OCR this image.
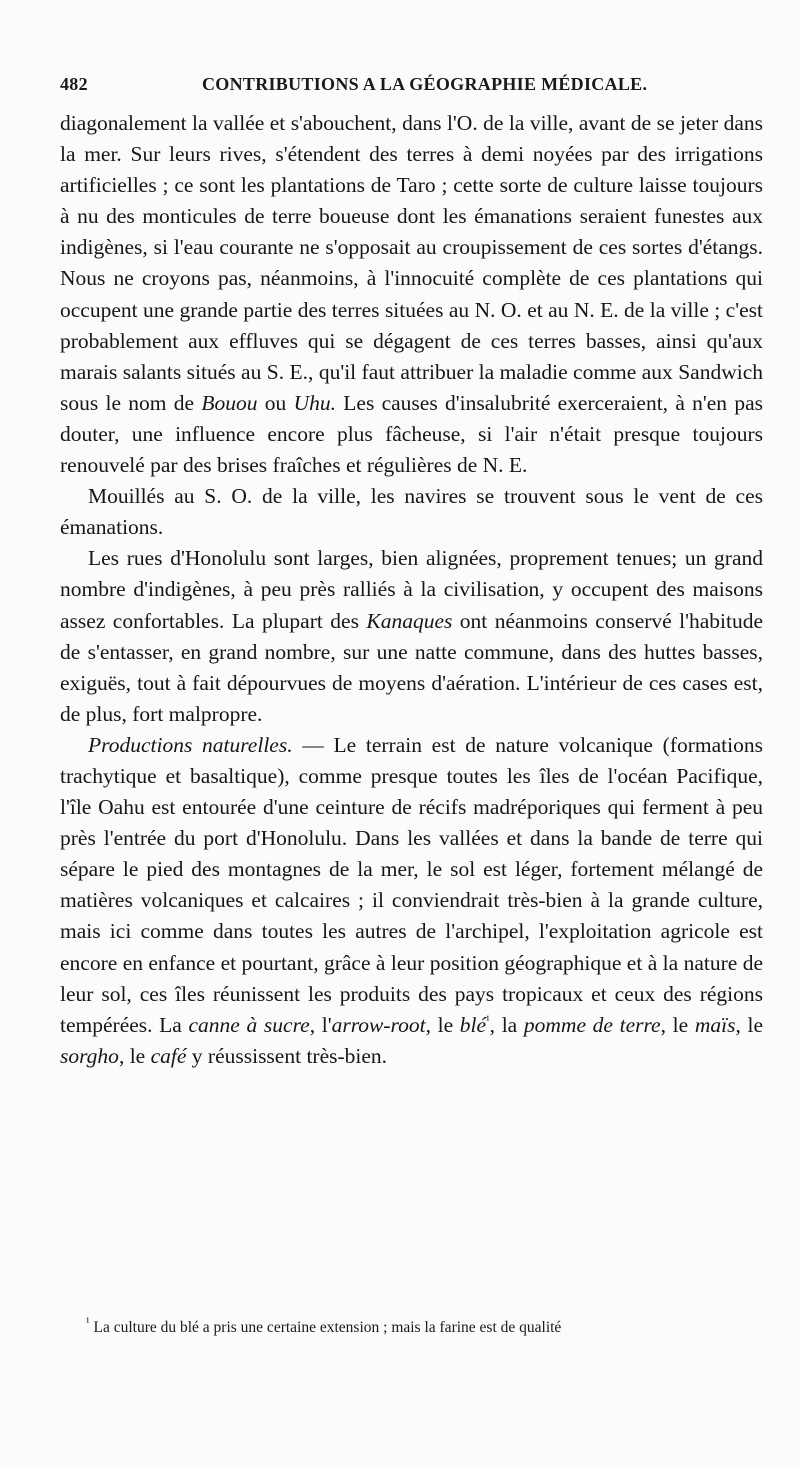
482	CONTRIBUTIONS A LA GÉOGRAPHIE MÉDICALE.

diagonalement la vallée et s'abouchent, dans l'O. de la ville, avant de se jeter dans la mer. Sur leurs rives, s'étendent des terres à demi noyées par des irrigations artificielles ; ce sont les plantations de Taro ; cette sorte de culture laisse toujours à nu des monticules de terre boueuse dont les émanations seraient funestes aux indigènes, si l'eau courante ne s'opposait au croupissement de ces sortes d'étangs. Nous ne croyons pas, néanmoins, à l'innocuité complète de ces plantations qui occupent une grande partie des terres situées au N. O. et au N. E. de la ville ; c'est probablement aux effluves qui se dégagent de ces terres basses, ainsi qu'aux marais salants situés au S. E., qu'il faut attribuer la maladie comme aux Sandwich sous le nom de Bouou ou Uhu. Les causes d'insalubrité exerceraient, à n'en pas douter, une influence encore plus fâcheuse, si l'air n'était presque toujours renouvelé par des brises fraîches et régulières de N. E.

Mouillés au S. O. de la ville, les navires se trouvent sous le vent de ces émanations.

Les rues d'Honolulu sont larges, bien alignées, proprement tenues; un grand nombre d'indigènes, à peu près ralliés à la civilisation, y occupent des maisons assez confortables. La plupart des Kanaques ont néanmoins conservé l'habitude de s'entasser, en grand nombre, sur une natte commune, dans des huttes basses, exiguës, tout à fait dépourvues de moyens d'aération. L'intérieur de ces cases est, de plus, fort malpropre.

Productions naturelles. — Le terrain est de nature volcanique (formations trachytique et basaltique), comme presque toutes les îles de l'océan Pacifique, l'île Oahu est entourée d'une ceinture de récifs madréporiques qui ferment à peu près l'entrée du port d'Honolulu. Dans les vallées et dans la bande de terre qui sépare le pied des montagnes de la mer, le sol est léger, fortement mélangé de matières volcaniques et calcaires ; il conviendrait très-bien à la grande culture, mais ici comme dans toutes les autres de l'archipel, l'exploitation agricole est encore en enfance et pourtant, grâce à leur position géographique et à la nature de leur sol, ces îles réunissent les produits des pays tropicaux et ceux des régions tempérées. La canne à sucre, l'arrow-root, le blé$^{^1}$, la pomme de terre, le maïs, le sorgho, le café y réussissent très-bien.

$^{^1}$ La culture du blé a pris une certaine extension ; mais la farine est de qualité
